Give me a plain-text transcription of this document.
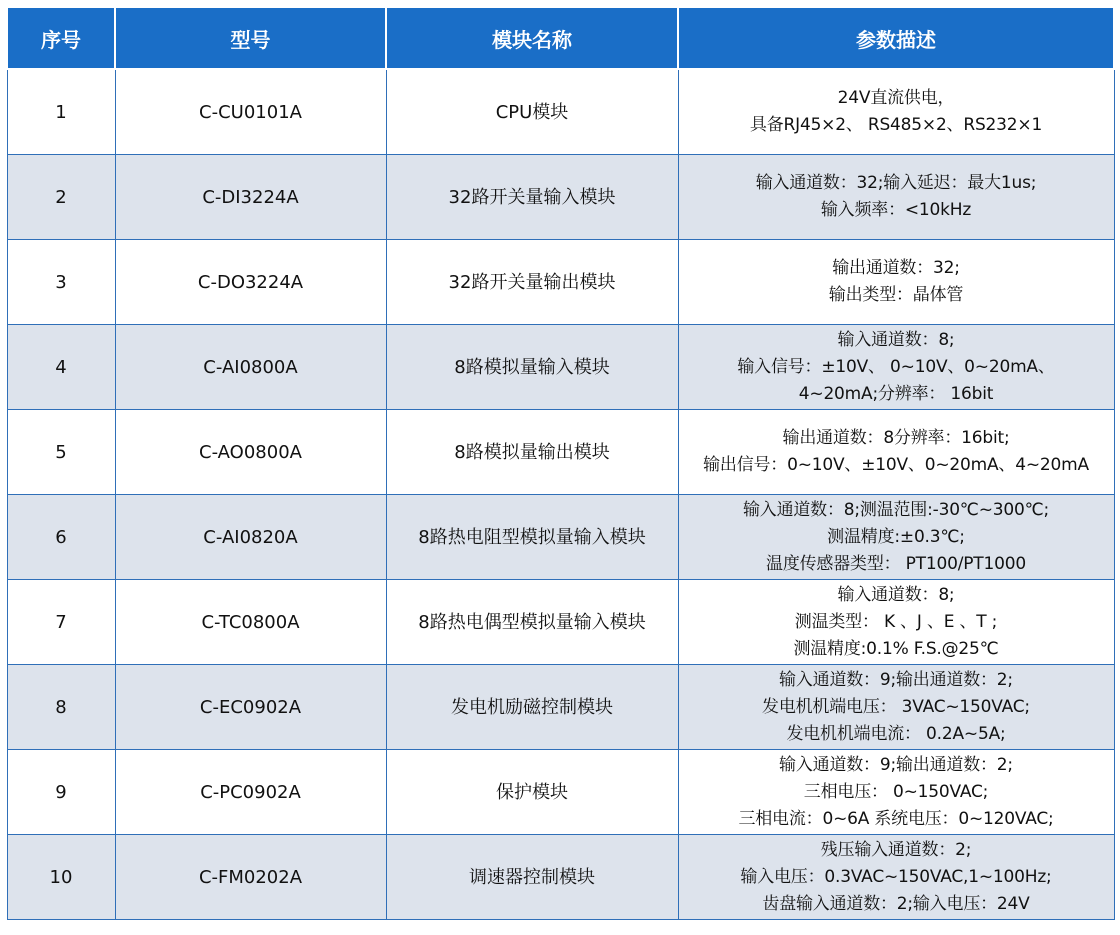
序号	型号	模块名称	参数描述
1	C-CU0101A	CPU模块	24V直流供电，
具备RJ45×2、 RS485×2、RS232×1

2	C-DI3224A	32路开关量输入模块	输入通道数：32;输入延迟：最大1us;
输入频率：<10kHz

3	C-DO3224A	32路开关量输出模块	输出通道数：32;
输出类型：晶体管

4	C-AI0800A	8路模拟量输入模块	输入通道数：8;
输入信号：±10V、 0~10V、0~20mA、
4~20mA;分辨率： 16bit

5	C-AO0800A	8路模拟量输出模块	输出通道数：8分辨率：16bit;
输出信号：0~10V、±10V、0~20mA、4~20mA

6	C-AI0820A	8路热电阻型模拟量输入模块	输入通道数：8;测温范围:-30℃~300℃;
测温精度:±0.3℃;
温度传感器类型： PT100/PT1000

7	C-TC0800A	8路热电偶型模拟量输入模块	输入通道数：8;
测温类型： K 、J 、E 、T ;
测温精度:0.1% F.S.@25℃

8	C-EC0902A	发电机励磁控制模块	输入通道数：9;输出通道数：2;
发电机机端电压： 3VAC~150VAC;
发电机机端电流： 0.2A~5A;

9	C-PC0902A	保护模块	输入通道数：9;输出通道数：2;
三相电压： 0~150VAC;
三相电流：0~6A 系统电压：0~120VAC;

10	C-FM0202A	调速器控制模块	残压输入通道数：2;
输入电压：0.3VAC~150VAC,1~100Hz;
齿盘输入通道数：2;输入电压：24V
